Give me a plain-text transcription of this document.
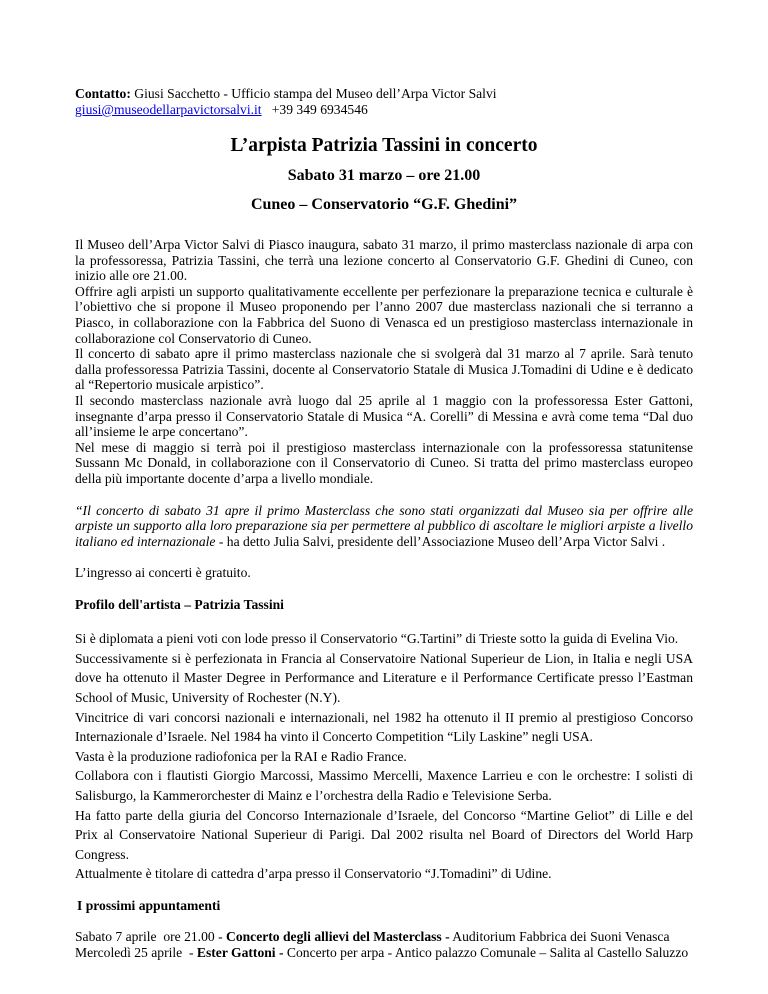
Contatto: Giusi Sacchetto - Ufficio stampa del Museo dell’Arpa Victor Salvi
giusi@museodellarpavictorsalvi.it   +39 349 6934546
L’arpista Patrizia Tassini in concerto
Sabato 31 marzo – ore 21.00
Cuneo – Conservatorio “G.F. Ghedini”

Il Museo dell’Arpa Victor Salvi di Piasco inaugura, sabato 31 marzo, il primo masterclass nazionale di arpa con la professoressa, Patrizia Tassini, che terrà una lezione concerto al Conservatorio G.F. Ghedini di Cuneo, con inizio alle ore 21.00.

Offrire agli arpisti un supporto qualitativamente eccellente per perfezionare la preparazione tecnica e culturale è l’obiettivo che si propone il Museo proponendo per l’anno 2007 due masterclass nazionali che si terranno a Piasco, in collaborazione con la Fabbrica del Suono di Venasca ed un prestigioso masterclass internazionale in collaborazione col Conservatorio di Cuneo.

Il concerto di sabato apre il primo masterclass nazionale che si svolgerà dal 31 marzo al 7 aprile. Sarà tenuto dalla professoressa Patrizia Tassini, docente al Conservatorio Statale di Musica J.Tomadini di Udine e è dedicato al “Repertorio musicale arpistico”.

Il secondo masterclass nazionale avrà luogo dal 25 aprile al 1 maggio con la professoressa Ester Gattoni, insegnante d’arpa presso il Conservatorio Statale di Musica “A. Corelli” di Messina e avrà come tema “Dal duo all’insieme le arpe concertano”.

Nel mese di maggio si terrà poi il prestigioso masterclass internazionale con la professoressa statunitense Sussann Mc Donald, in collaborazione con il Conservatorio di Cuneo. Si tratta del primo masterclass europeo della più importante docente d’arpa a livello mondiale.

“Il concerto di sabato 31 apre il primo Masterclass che sono stati organizzati dal Museo sia per offrire alle arpiste un supporto alla loro preparazione sia per permettere al pubblico di ascoltare le migliori arpiste a livello italiano ed internazionale - ha detto Julia Salvi, presidente dell’Associazione Museo dell’Arpa Victor Salvi .
L’ingresso ai concerti è gratuito.
Profilo dell'artista – Patrizia Tassini

Si è diplomata a pieni voti con lode presso il Conservatorio “G.Tartini” di Trieste sotto la guida di Evelina Vio.

Successivamente si è perfezionata in Francia al Conservatoire National Superieur de Lion, in Italia e negli USA dove ha ottenuto il Master Degree in Performance and Literature e il Performance Certificate presso l’Eastman School of Music, University of Rochester (N.Y).

Vincitrice di vari concorsi nazionali e internazionali, nel 1982 ha ottenuto il II premio al prestigioso Concorso Internazionale d’Israele. Nel 1984 ha vinto il Concerto Competition “Lily Laskine” negli USA.

Vasta è la produzione radiofonica per la RAI e Radio France.

Collabora con i flautisti Giorgio Marcossi, Massimo Mercelli, Maxence Larrieu e con le orchestre: I solisti di Salisburgo, la Kammerorchester di Mainz e l’orchestra della Radio e Televisione Serba.

Ha fatto parte della giuria del Concorso Internazionale d’Israele, del Concorso “Martine Geliot” di Lille e del Prix al Conservatoire National Superieur di Parigi. Dal 2002 risulta nel Board of Directors del World Harp Congress.

Attualmente è titolare di cattedra d’arpa presso il Conservatorio “J.Tomadini” di Udine.

I prossimi appuntamenti

Sabato 7 aprile  ore 21.00 - Concerto degli allievi del Masterclass - Auditorium Fabbrica dei Suoni Venasca

Mercoledì 25 aprile  - Ester Gattoni - Concerto per arpa - Antico palazzo Comunale – Salita al Castello Saluzzo
